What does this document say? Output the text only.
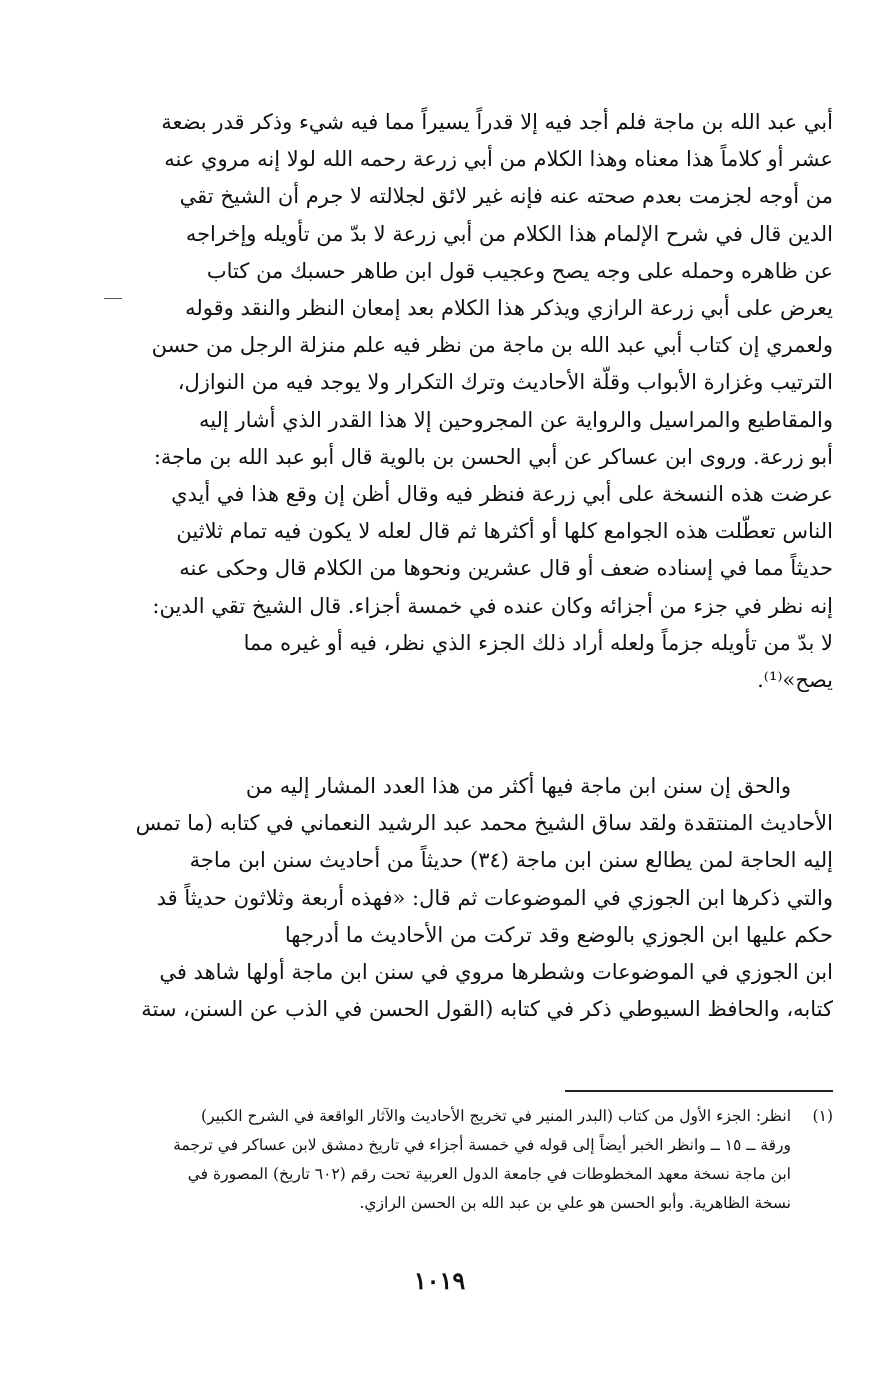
أبي عبد الله بن ماجة فلم أجد فيه إلا قدراً يسيراً مما فيه شيء وذكر قدر بضعة
عشر أو كلاماً هذا معناه وهذا الكلام من أبي زرعة رحمه الله لولا إنه مروي عنه
من أوجه لجزمت بعدم صحته عنه فإنه غير لائق لجلالته لا جرم أن الشيخ تقي
الدين قال في شرح الإلمام هذا الكلام من أبي زرعة لا بدّ من تأويله وإخراجه
عن ظاهره وحمله على وجه يصح وعجيب قول ابن طاهر حسبك من كتاب
يعرض على أبي زرعة الرازي ويذكر هذا الكلام بعد إمعان النظر والنقد وقوله
ولعمري إن كتاب أبي عبد الله بن ماجة من نظر فيه علم منزلة الرجل من حسن
الترتيب وغزارة الأبواب وقلّة الأحاديث وترك التكرار ولا يوجد فيه من النوازل،
والمقاطيع والمراسيل والرواية عن المجروحين إلا هذا القدر الذي أشار إليه
أبو زرعة. وروى ابن عساكر عن أبي الحسن بن بالوية قال أبو عبد الله بن ماجة:
عرضت هذه النسخة على أبي زرعة فنظر فيه وقال أظن إن وقع هذا في أيدي
الناس تعطّلت هذه الجوامع كلها أو أكثرها ثم قال لعله لا يكون فيه تمام ثلاثين
حديثاً مما في إسناده ضعف أو قال عشرين ونحوها من الكلام قال وحكى عنه
إنه نظر في جزء من أجزائه وكان عنده في خمسة أجزاء. قال الشيخ تقي الدين:
لا بدّ من تأويله جزماً ولعله أراد ذلك الجزء الذي نظر، فيه أو غيره مما
يصح»⁽¹⁾.
والحق إن سنن ابن ماجة فيها أكثر من هذا العدد المشار إليه من
الأحاديث المنتقدة ولقد ساق الشيخ محمد عبد الرشيد النعماني في كتابه (ما تمس
إليه الحاجة لمن يطالع سنن ابن ماجة (٣٤) حديثاً من أحاديث سنن ابن ماجة
والتي ذكرها ابن الجوزي في الموضوعات ثم قال: «فهذه أربعة وثلاثون حديثاً قد
حكم عليها ابن الجوزي بالوضع وقد تركت من الأحاديث ما أدرجها
ابن الجوزي في الموضوعات وشطرها مروي في سنن ابن ماجة أولها شاهد في
كتابه، والحافظ السيوطي ذكر في كتابه (القول الحسن في الذب عن السنن، ستة
(١)
انظر: الجزء الأول من كتاب (البدر المنير في تخريج الأحاديث والآثار الواقعة في الشرح الكبير)
ورقة ــ ١٥ ــ وانظر الخبر أيضاً إلى قوله في خمسة أجزاء في تاريخ دمشق لابن عساكر في ترجمة
ابن ماجة نسخة معهد المخطوطات في جامعة الدول العربية تحت رقم (٦٠٢ تاريخ) المصورة في
نسخة الظاهرية. وأبو الحسن هو علي بن عبد الله بن الحسن الرازي.
١٠١٩
